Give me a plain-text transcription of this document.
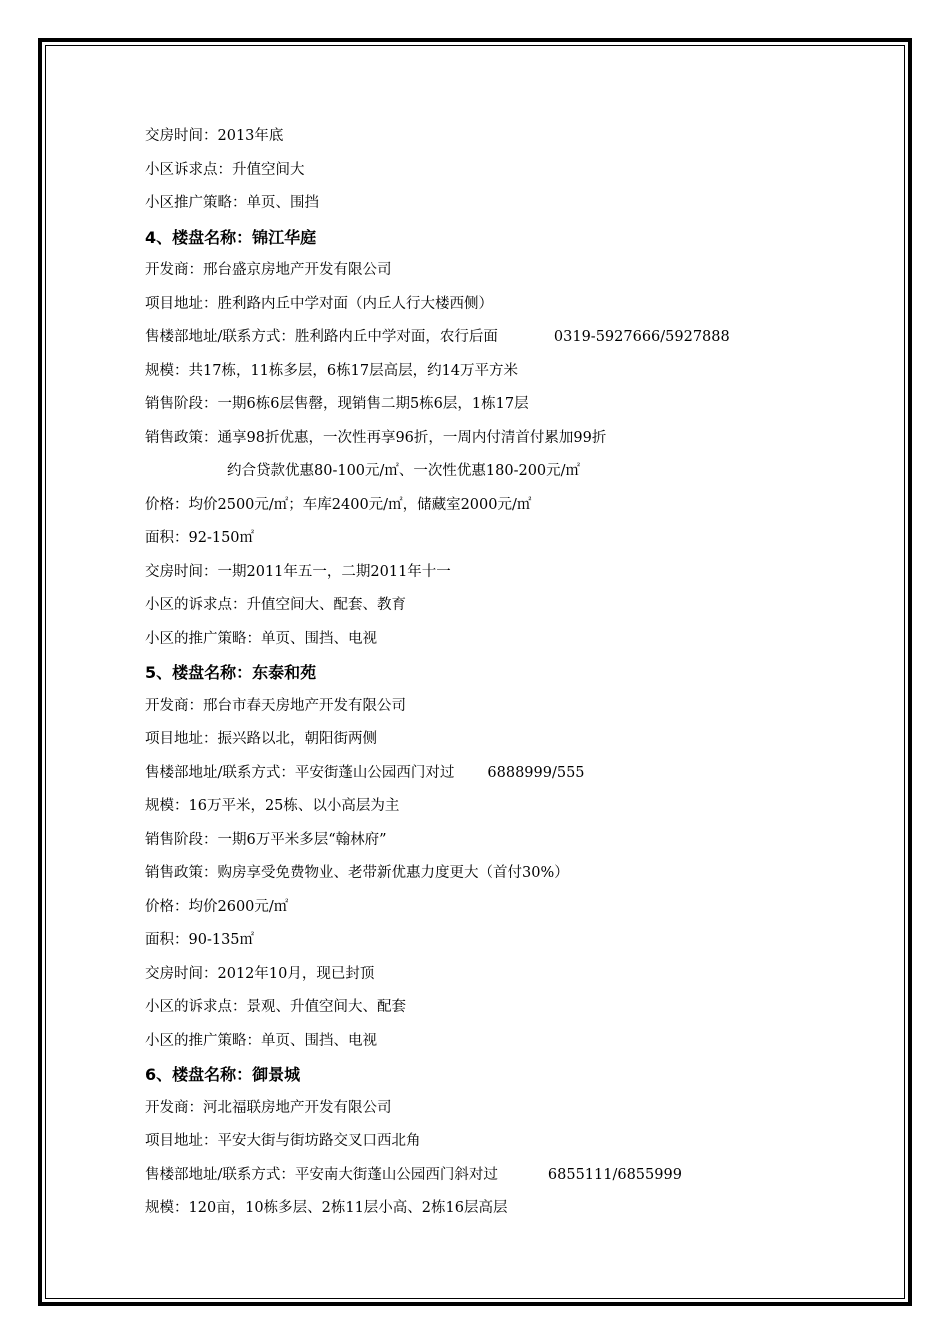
交房时间：2013年底
小区诉求点：升值空间大
小区推广策略：单页、围挡
4、楼盘名称：锦江华庭
开发商：邢台盛京房地产开发有限公司
项目地址：胜利路内丘中学对面（内丘人行大楼西侧）
售楼部地址/联系方式：胜利路内丘中学对面，农行后面	0319-5927666/5927888
规模：共17栋，11栋多层，6栋17层高层，约14万平方米
销售阶段：一期6栋6层售罄，现销售二期5栋6层，1栋17层
销售政策：通享98折优惠，一次性再享96折，一周内付清首付累加99折
约合贷款优惠80-100元/㎡、一次性优惠180-200元/㎡
价格：均价2500元/㎡；车库2400元/㎡，储藏室2000元/㎡
面积：92-150㎡
交房时间：一期2011年五一，二期2011年十一
小区的诉求点：升值空间大、配套、教育
小区的推广策略：单页、围挡、电视
5、楼盘名称：东泰和苑
开发商：邢台市春天房地产开发有限公司
项目地址：振兴路以北，朝阳街两侧
售楼部地址/联系方式：平安街蓬山公园西门对过 6888999/555
规模：16万平米，25栋、以小高层为主
销售阶段：一期6万平米多层“翰林府”
销售政策：购房享受免费物业、老带新优惠力度更大（首付30%）
价格：均价2600元/㎡
面积：90-135㎡
交房时间：2012年10月，现已封顶
小区的诉求点：景观、升值空间大、配套
小区的推广策略：单页、围挡、电视
6、楼盘名称：御景城
开发商：河北福联房地产开发有限公司
项目地址：平安大街与街坊路交叉口西北角
售楼部地址/联系方式：平安南大街蓬山公园西门斜对过	6855111/6855999
规模：120亩，10栋多层、2栋11层小高、2栋16层高层
